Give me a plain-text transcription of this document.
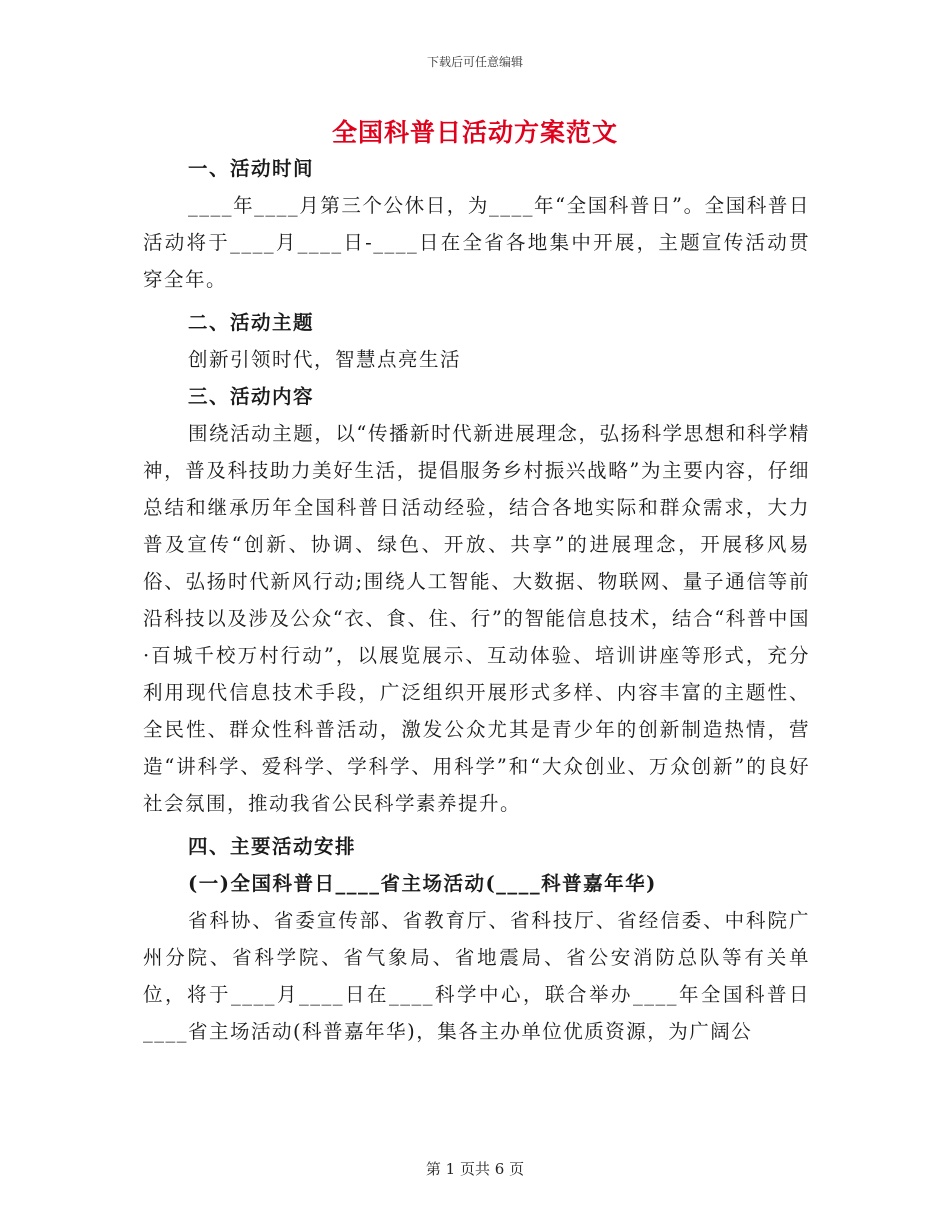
下载后可任意编辑
全国科普日活动方案范文

一、活动时间

____年____月第三个公休日，为____年“全国科普日”。全国科普日活动将于____月____日-____日在全省各地集中开展，主题宣传活动贯穿全年。

二、活动主题

创新引领时代，智慧点亮生活

三、活动内容

围绕活动主题，以“传播新时代新进展理念，弘扬科学思想和科学精神，普及科技助力美好生活，提倡服务乡村振兴战略”为主要内容，仔细总结和继承历年全国科普日活动经验，结合各地实际和群众需求，大力普及宣传“创新、协调、绿色、开放、共享”的进展理念，开展移风易俗、弘扬时代新风行动;围绕人工智能、大数据、物联网、量子通信等前沿科技以及涉及公众“衣、食、住、行”的智能信息技术，结合“科普中国·百城千校万村行动”，以展览展示、互动体验、培训讲座等形式，充分利用现代信息技术手段，广泛组织开展形式多样、内容丰富的主题性、全民性、群众性科普活动，激发公众尤其是青少年的创新制造热情，营造“讲科学、爱科学、学科学、用科学”和“大众创业、万众创新”的良好社会氛围，推动我省公民科学素养提升。

四、主要活动安排

(一)全国科普日____省主场活动(____科普嘉年华)

省科协、省委宣传部、省教育厅、省科技厅、省经信委、中科院广州分院、省科学院、省气象局、省地震局、省公安消防总队等有关单位，将于____月____日在____科学中心，联合举办____年全国科普日____省主场活动(科普嘉年华)，集各主办单位优质资源，为广阔公

第 1 页共 6 页
